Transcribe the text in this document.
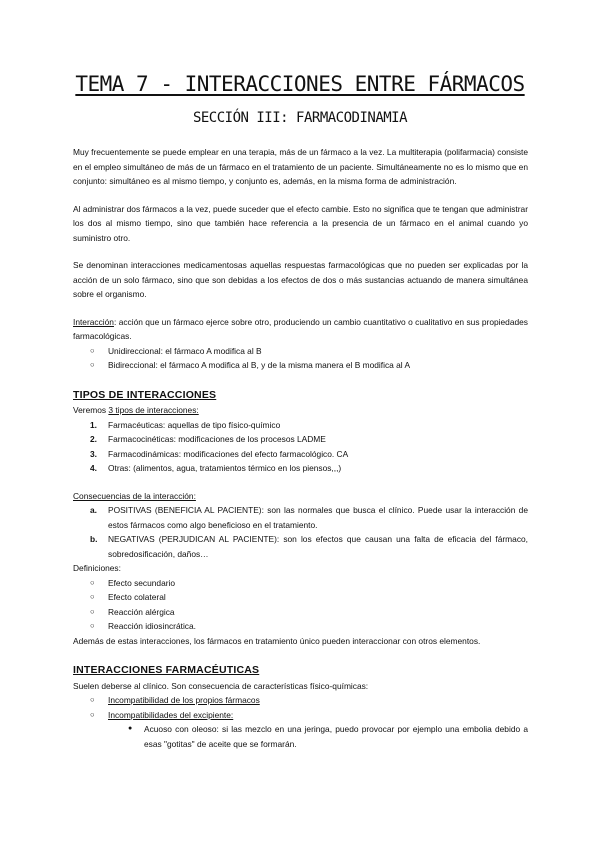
TEMA 7 - INTERACCIONES ENTRE FÁRMACOS
SECCIÓN III: FARMACODINAMIA

Muy frecuentemente se puede emplear en una terapia, más de un fármaco a la vez. La multiterapia (polifarmacia) consiste en el empleo simultáneo de más de un fármaco en el tratamiento de un paciente. Simultáneamente no es lo mismo que en conjunto: simultáneo es al mismo tiempo, y conjunto es, además, en la misma forma de administración.

Al administrar dos fármacos a la vez, puede suceder que el efecto cambie. Esto no significa que te tengan que administrar los dos al mismo tiempo, sino que también hace referencia a la presencia de un fármaco en el animal cuando yo suministro otro.

Se denominan interacciones medicamentosas aquellas respuestas farmacológicas que no pueden ser explicadas por la acción de un solo fármaco, sino que son debidas a los efectos de dos o más sustancias actuando de manera simultánea sobre el organismo.

Interacción: acción que un fármaco ejerce sobre otro, produciendo un cambio cuantitativo o cualitativo en sus propiedades farmacológicas.

○ Unidireccional: el fármaco A modifica al B
○ Bidireccional: el fármaco A modifica al B, y de la misma manera el B modifica al A
TIPOS DE INTERACCIONES

Veremos 3 tipos de interacciones:

1. Farmacéuticas: aquellas de tipo físico-químico
2. Farmacocinéticas: modificaciones de los procesos LADME
3. Farmacodinámicas: modificaciones del efecto farmacológico. CA
4. Otras: (alimentos, agua, tratamientos térmico en los piensos,,,)

Consecuencias de la interacción:

a. POSITIVAS (BENEFICIA AL PACIENTE): son las normales que busca el clínico. Puede usar la interacción de estos fármacos como algo beneficioso en el tratamiento.

b. NEGATIVAS (PERJUDICAN AL PACIENTE): son los efectos que causan una falta de eficacia del fármaco, sobredosificación, daños…

Definiciones:

○ Efecto secundario
○ Efecto colateral
○ Reacción alérgica
○ Reacción idiosincrática.

Además de estas interacciones, los fármacos en tratamiento único pueden interaccionar con otros elementos.

INTERACCIONES FARMACÉUTICAS

Suelen deberse al clínico. Son consecuencia de características físico-químicas:

○ Incompatibilidad de los propios fármacos
○ Incompatibilidades del excipiente:
● Acuoso con oleoso: si las mezclo en una jeringa, puedo provocar por ejemplo una embolia debido a esas "gotitas" de aceite que se formarán.
